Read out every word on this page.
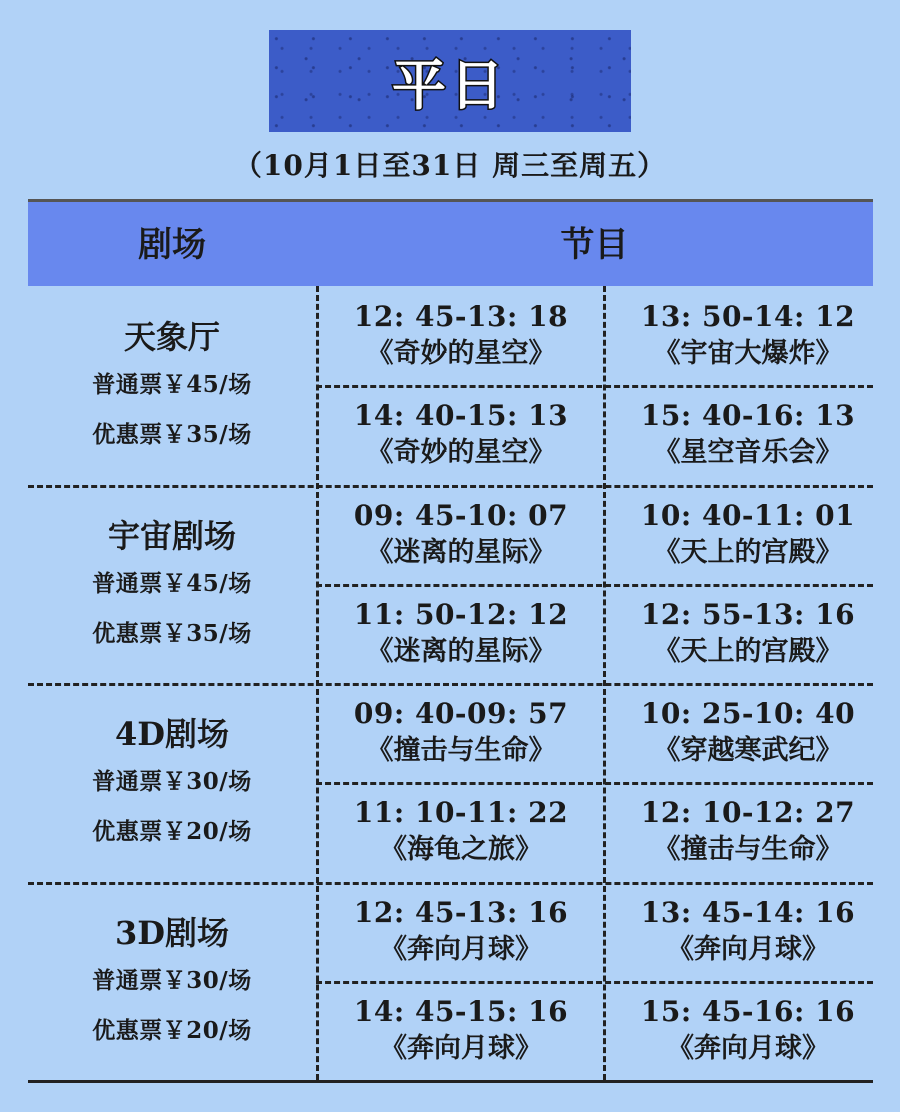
平日
（10月1日至31日 周三至周五）
剧场	节目
天象厅
普通票￥45/场
优惠票￥35/场
12: 45-13: 18
《奇妙的星空》
13: 50-14: 12
《宇宙大爆炸》
14: 40-15: 13
《奇妙的星空》
15: 40-16: 13
《星空音乐会》
宇宙剧场
普通票￥45/场
优惠票￥35/场
09: 45-10: 07
《迷离的星际》
10: 40-11: 01
《天上的宫殿》
11: 50-12: 12
《迷离的星际》
12: 55-13: 16
《天上的宫殿》
4D剧场
普通票￥30/场
优惠票￥20/场
09: 40-09: 57
《撞击与生命》
10: 25-10: 40
《穿越寒武纪》
11: 10-11: 22
《海龟之旅》
12: 10-12: 27
《撞击与生命》
3D剧场
普通票￥30/场
优惠票￥20/场
12: 45-13: 16
《奔向月球》
13: 45-14: 16
《奔向月球》
14: 45-15: 16
《奔向月球》
15: 45-16: 16
《奔向月球》
